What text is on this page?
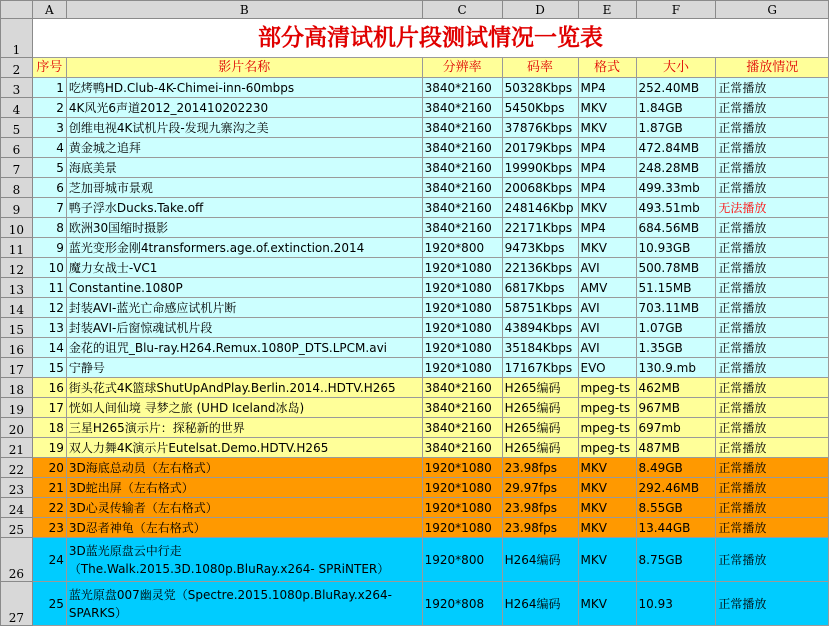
	A	B	C	D	E	F	G
1	部分高清试机片段测试情况一览表						
2	序号	影片名称	分辨率	码率	格式	大小	播放情况
3	1	吃烤鸭HD.Club-4K-Chimei-inn-60mbps	3840*2160	50328Kbps	MP4	252.40MB	正常播放
4	2	4K风光6声道2012_201410202230	3840*2160	5450Kbps	MKV	1.84GB	正常播放
5	3	创维电视4K试机片段-发现九寨沟之美	3840*2160	37876Kbps	MKV	1.87GB	正常播放
6	4	黄金城之追拜	3840*2160	20179Kbps	MP4	472.84MB	正常播放
7	5	海底美景	3840*2160	19990Kbps	MP4	248.28MB	正常播放
8	6	芝加哥城市景观	3840*2160	20068Kbps	MP4	499.33mb	正常播放
9	7	鸭子浮水Ducks.Take.off	3840*2160	248146Kbp	MKV	493.51mb	无法播放
10	8	欧洲30国缩时摄影	3840*2160	22171Kbps	MP4	684.56MB	正常播放
11	9	蓝光变形金刚4transformers.age.of.extinction.2014	1920*800	9473Kbps	MKV	10.93GB	正常播放
12	10	魔力女战士-VC1	1920*1080	22136Kbps	AVI	500.78MB	正常播放
13	11	Constantine.1080P	1920*1080	6817Kbps	AMV	51.15MB	正常播放
14	12	封装AVI-蓝光亡命感应试机片断	1920*1080	58751Kbps	AVI	703.11MB	正常播放
15	13	封装AVI-后窗惊魂试机片段	1920*1080	43894Kbps	AVI	1.07GB	正常播放
16	14	金花的诅咒_Blu-ray.H264.Remux.1080P_DTS.LPCM.avi	1920*1080	35184Kbps	AVI	1.35GB	正常播放
17	15	宁静号	1920*1080	17167Kbps	EVO	130.9.mb	正常播放
18	16	街头花式4K篮球ShutUpAndPlay.Berlin.2014..HDTV.H265	3840*2160	H265编码	mpeg-ts	462MB	正常播放
19	17	恍如人间仙境 寻梦之旅 (UHD Iceland冰岛)	3840*2160	H265编码	mpeg-ts	967MB	正常播放
20	18	三星H265演示片：探秘新的世界	3840*2160	H265编码	mpeg-ts	697mb	正常播放
21	19	双人力舞4K演示片Eutelsat.Demo.HDTV.H265	3840*2160	H265编码	mpeg-ts	487MB	正常播放
22	20	3D海底总动员（左右格式）	1920*1080	23.98fps	MKV	8.49GB	正常播放
23	21	3D蛇出屏（左右格式）	1920*1080	29.97fps	MKV	292.46MB	正常播放
24	22	3D心灵传输者（左右格式）	1920*1080	23.98fps	MKV	8.55GB	正常播放
25	23	3D忍者神龟（左右格式）	1920*1080	23.98fps	MKV	13.44GB	正常播放
26	24	3D蓝光原盘云中行走（The.Walk.2015.3D.1080p.BluRay.x264- SPRiNTER）	1920*800	H264编码	MKV	8.75GB	正常播放
27	25	蓝光原盘007幽灵党（Spectre.2015.1080p.BluRay.x264-SPARKS）	1920*808	H264编码	MKV	10.93	正常播放
